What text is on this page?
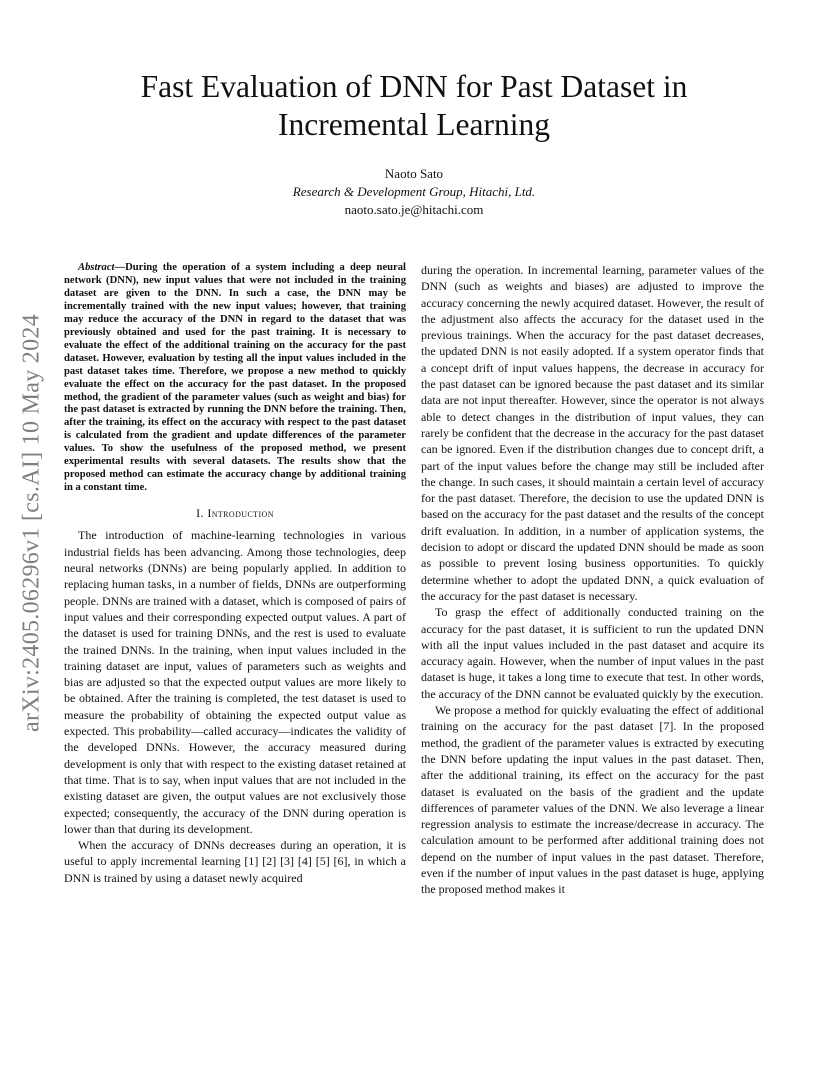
arXiv:2405.06296v1 [cs.AI] 10 May 2024
Fast Evaluation of DNN for Past Dataset in Incremental Learning
Naoto Sato
Research & Development Group, Hitachi, Ltd.
naoto.sato.je@hitachi.com

Abstract—During the operation of a system including a deep neural network (DNN), new input values that were not included in the training dataset are given to the DNN. In such a case, the DNN may be incrementally trained with the new input values; however, that training may reduce the accuracy of the DNN in regard to the dataset that was previously obtained and used for the past training. It is necessary to evaluate the effect of the additional training on the accuracy for the past dataset. However, evaluation by testing all the input values included in the past dataset takes time. Therefore, we propose a new method to quickly evaluate the effect on the accuracy for the past dataset. In the proposed method, the gradient of the parameter values (such as weight and bias) for the past dataset is extracted by running the DNN before the training. Then, after the training, its effect on the accuracy with respect to the past dataset is calculated from the gradient and update differences of the parameter values. To show the usefulness of the proposed method, we present experimental results with several datasets. The results show that the proposed method can estimate the accuracy change by additional training in a constant time.

I. Introduction

The introduction of machine-learning technologies in various industrial fields has been advancing. Among those technologies, deep neural networks (DNNs) are being popularly applied. In addition to replacing human tasks, in a number of fields, DNNs are outperforming people. DNNs are trained with a dataset, which is composed of pairs of input values and their corresponding expected output values. A part of the dataset is used for training DNNs, and the rest is used to evaluate the trained DNNs. In the training, when input values included in the training dataset are input, values of parameters such as weights and bias are adjusted so that the expected output values are more likely to be obtained. After the training is completed, the test dataset is used to measure the probability of obtaining the expected output value as expected. This probability—called accuracy—indicates the validity of the developed DNNs. However, the accuracy measured during development is only that with respect to the existing dataset retained at that time. That is to say, when input values that are not included in the existing dataset are given, the output values are not exclusively those expected; consequently, the accuracy of the DNN during operation is lower than that during its development.

When the accuracy of DNNs decreases during an operation, it is useful to apply incremental learning [1] [2] [3] [4] [5] [6], in which a DNN is trained by using a dataset newly acquired

during the operation. In incremental learning, parameter values of the DNN (such as weights and biases) are adjusted to improve the accuracy concerning the newly acquired dataset. However, the result of the adjustment also affects the accuracy for the dataset used in the previous trainings. When the accuracy for the past dataset decreases, the updated DNN is not easily adopted. If a system operator finds that a concept drift of input values happens, the decrease in accuracy for the past dataset can be ignored because the past dataset and its similar data are not input thereafter. However, since the operator is not always able to detect changes in the distribution of input values, they can rarely be confident that the decrease in the accuracy for the past dataset can be ignored. Even if the distribution changes due to concept drift, a part of the input values before the change may still be included after the change. In such cases, it should maintain a certain level of accuracy for the past dataset. Therefore, the decision to use the updated DNN is based on the accuracy for the past dataset and the results of the concept drift evaluation. In addition, in a number of application systems, the decision to adopt or discard the updated DNN should be made as soon as possible to prevent losing business opportunities. To quickly determine whether to adopt the updated DNN, a quick evaluation of the accuracy for the past dataset is necessary.

To grasp the effect of additionally conducted training on the accuracy for the past dataset, it is sufficient to run the updated DNN with all the input values included in the past dataset and acquire its accuracy again. However, when the number of input values in the past dataset is huge, it takes a long time to execute that test. In other words, the accuracy of the DNN cannot be evaluated quickly by the execution.

We propose a method for quickly evaluating the effect of additional training on the accuracy for the past dataset [7]. In the proposed method, the gradient of the parameter values is extracted by executing the DNN before updating the input values in the past dataset. Then, after the additional training, its effect on the accuracy for the past dataset is evaluated on the basis of the gradient and the update differences of parameter values of the DNN. We also leverage a linear regression analysis to estimate the increase/decrease in accuracy. The calculation amount to be performed after additional training does not depend on the number of input values in the past dataset. Therefore, even if the number of input values in the past dataset is huge, applying the proposed method makes it
